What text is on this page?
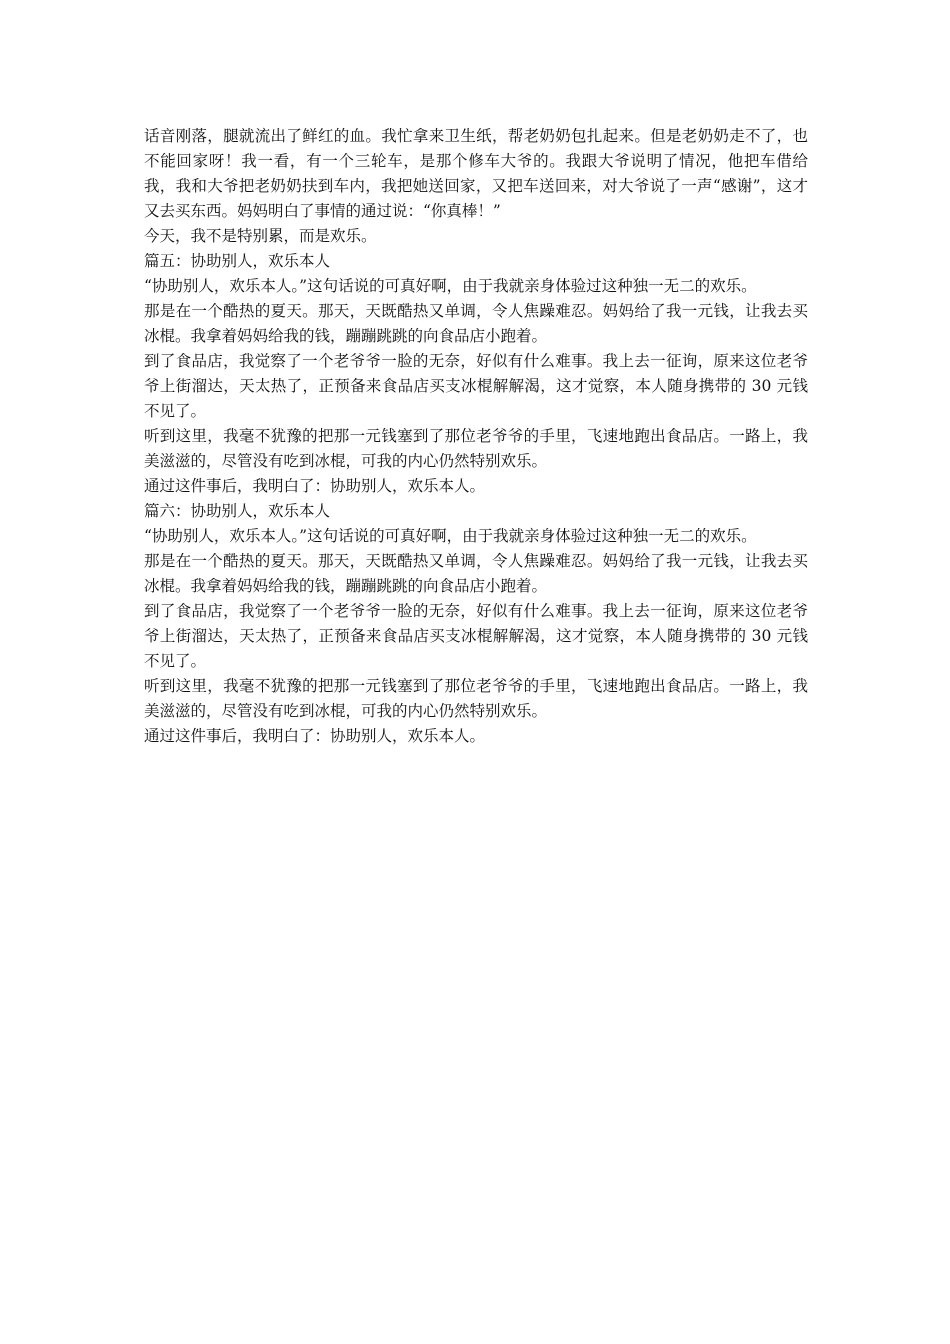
话音刚落，腿就流出了鲜红的血。我忙拿来卫生纸，帮老奶奶包扎起来。但是老奶奶走不了，也不能回家呀！我一看，有一个三轮车，是那个修车大爷的。我跟大爷说明了情况，他把车借给我，我和大爷把老奶奶扶到车内，我把她送回家，又把车送回来，对大爷说了一声“感谢”，这才又去买东西。妈妈明白了事情的通过说：“你真棒！”

今天，我不是特别累，而是欢乐。

篇五：协助别人，欢乐本人

“协助别人，欢乐本人。”这句话说的可真好啊，由于我就亲身体验过这种独一无二的欢乐。

那是在一个酷热的夏天。那天，天既酷热又单调，令人焦躁难忍。妈妈给了我一元钱，让我去买冰棍。我拿着妈妈给我的钱，蹦蹦跳跳的向食品店小跑着。

到了食品店，我觉察了一个老爷爷一脸的无奈，好似有什么难事。我上去一征询，原来这位老爷爷上街溜达，天太热了，正预备来食品店买支冰棍解解渴，这才觉察，本人随身携带的 30 元钱不见了。

听到这里，我毫不犹豫的把那一元钱塞到了那位老爷爷的手里，飞速地跑出食品店。一路上，我美滋滋的，尽管没有吃到冰棍，可我的内心仍然特别欢乐。

通过这件事后，我明白了：协助别人，欢乐本人。

篇六：协助别人，欢乐本人

“协助别人，欢乐本人。”这句话说的可真好啊，由于我就亲身体验过这种独一无二的欢乐。

那是在一个酷热的夏天。那天，天既酷热又单调，令人焦躁难忍。妈妈给了我一元钱，让我去买冰棍。我拿着妈妈给我的钱，蹦蹦跳跳的向食品店小跑着。

到了食品店，我觉察了一个老爷爷一脸的无奈，好似有什么难事。我上去一征询，原来这位老爷爷上街溜达，天太热了，正预备来食品店买支冰棍解解渴，这才觉察，本人随身携带的 30 元钱不见了。

听到这里，我毫不犹豫的把那一元钱塞到了那位老爷爷的手里，飞速地跑出食品店。一路上，我美滋滋的，尽管没有吃到冰棍，可我的内心仍然特别欢乐。

通过这件事后，我明白了：协助别人，欢乐本人。
